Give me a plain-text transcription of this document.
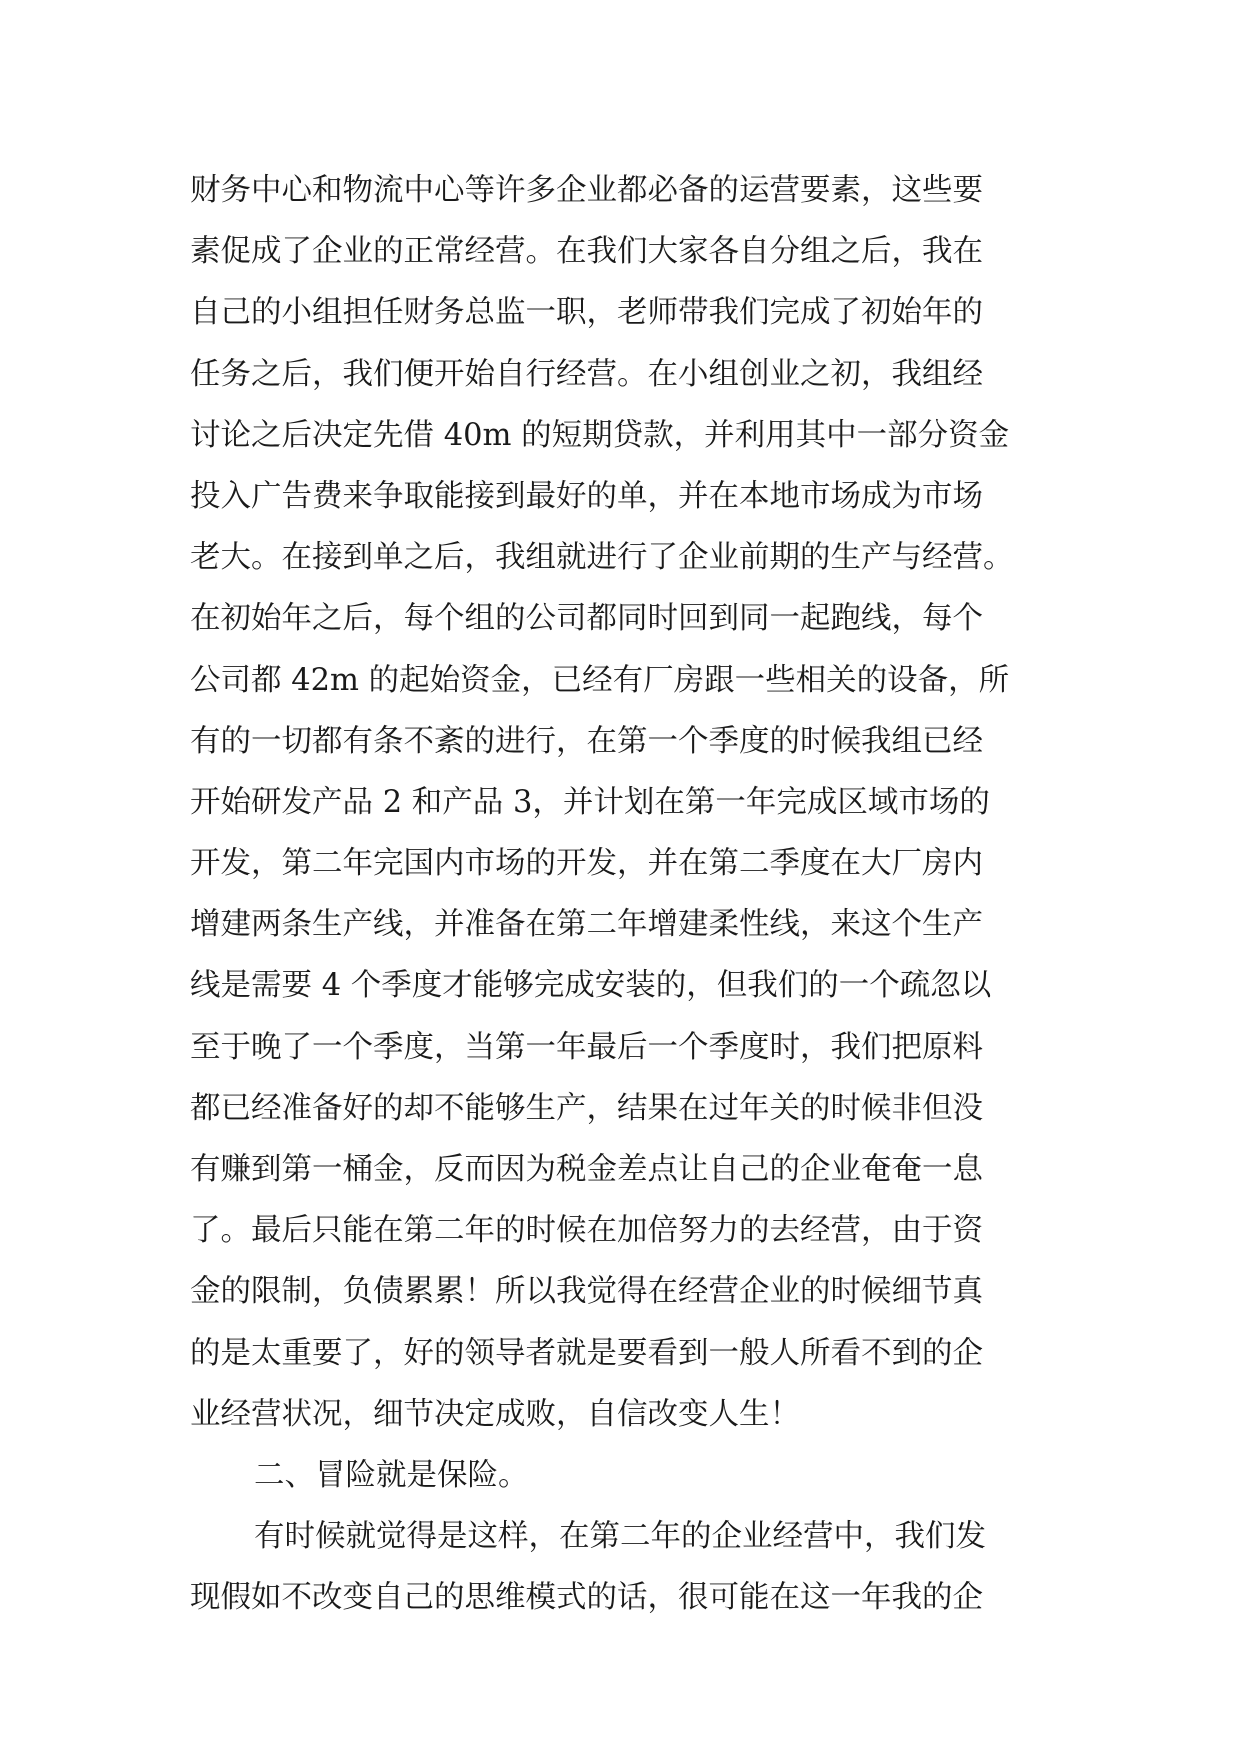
财务中心和物流中心等许多企业都必备的运营要素，这些要
素促成了企业的正常经营。在我们大家各自分组之后，我在
自己的小组担任财务总监一职，老师带我们完成了初始年的
任务之后，我们便开始自行经营。在小组创业之初，我组经
讨论之后决定先借 40m 的短期贷款，并利用其中一部分资金
投入广告费来争取能接到最好的单，并在本地市场成为市场
老大。在接到单之后，我组就进行了企业前期的生产与经营。
在初始年之后，每个组的公司都同时回到同一起跑线，每个
公司都 42m 的起始资金，已经有厂房跟一些相关的设备，所
有的一切都有条不紊的进行，在第一个季度的时候我组已经
开始研发产品 2 和产品 3，并计划在第一年完成区域市场的
开发，第二年完国内市场的开发，并在第二季度在大厂房内
增建两条生产线，并准备在第二年增建柔性线，来这个生产
线是需要 4 个季度才能够完成安装的，但我们的一个疏忽以
至于晚了一个季度，当第一年最后一个季度时，我们把原料
都已经准备好的却不能够生产，结果在过年关的时候非但没
有赚到第一桶金，反而因为税金差点让自己的企业奄奄一息
了。最后只能在第二年的时候在加倍努力的去经营，由于资
金的限制，负债累累！所以我觉得在经营企业的时候细节真
的是太重要了，好的领导者就是要看到一般人所看不到的企
业经营状况，细节决定成败，自信改变人生！
二、冒险就是保险。
有时候就觉得是这样，在第二年的企业经营中，我们发
现假如不改变自己的思维模式的话，很可能在这一年我的企
